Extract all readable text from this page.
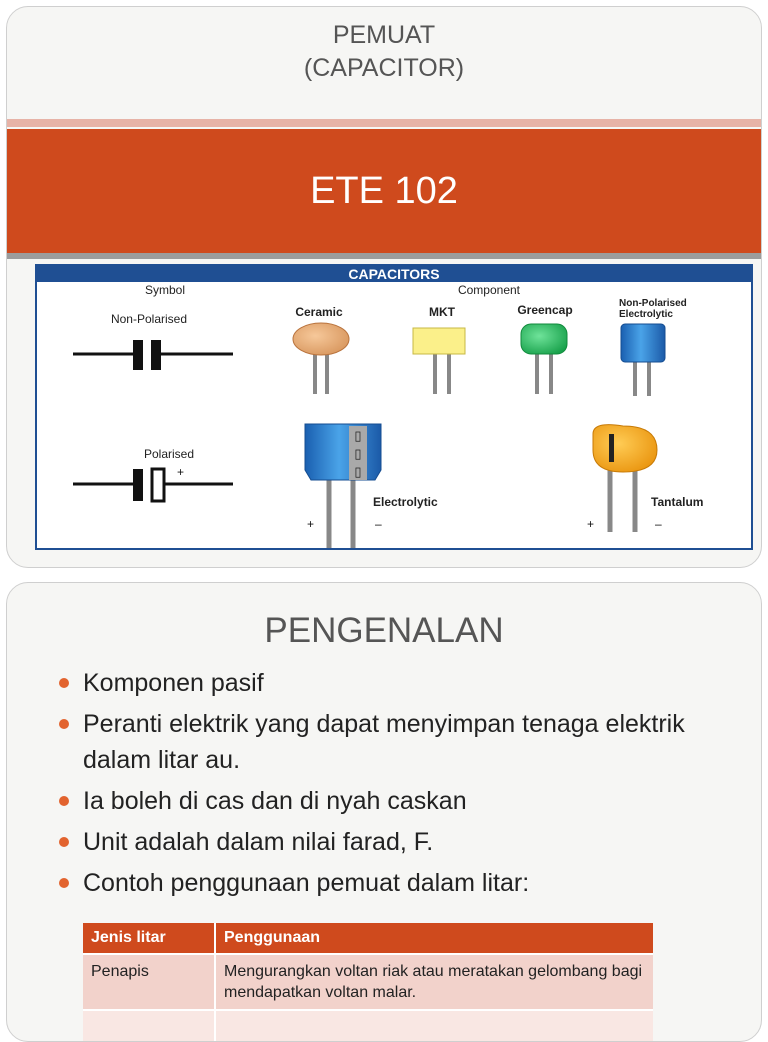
PEMUAT
(CAPACITOR)
ETE 102
CAPACITORS
Symbol	Component
Non-Polarised
Polarised
+
Ceramic	MKT	Greencap	Non-Polarised
Electrolytic
▯
▯
▯
+	–
Electrolytic
+	–
Tantalum
PENGENALAN
Komponen pasif
Peranti elektrik yang dapat menyimpan tenaga elektrik dalam litar au.
Ia boleh di cas dan di nyah caskan
Unit adalah dalam nilai farad, F.
Contoh penggunaan pemuat dalam litar:
Jenis litar	Penggunaan
Penapis	Mengurangkan voltan riak atau meratakan gelombang bagi mendapatkan voltan malar.
